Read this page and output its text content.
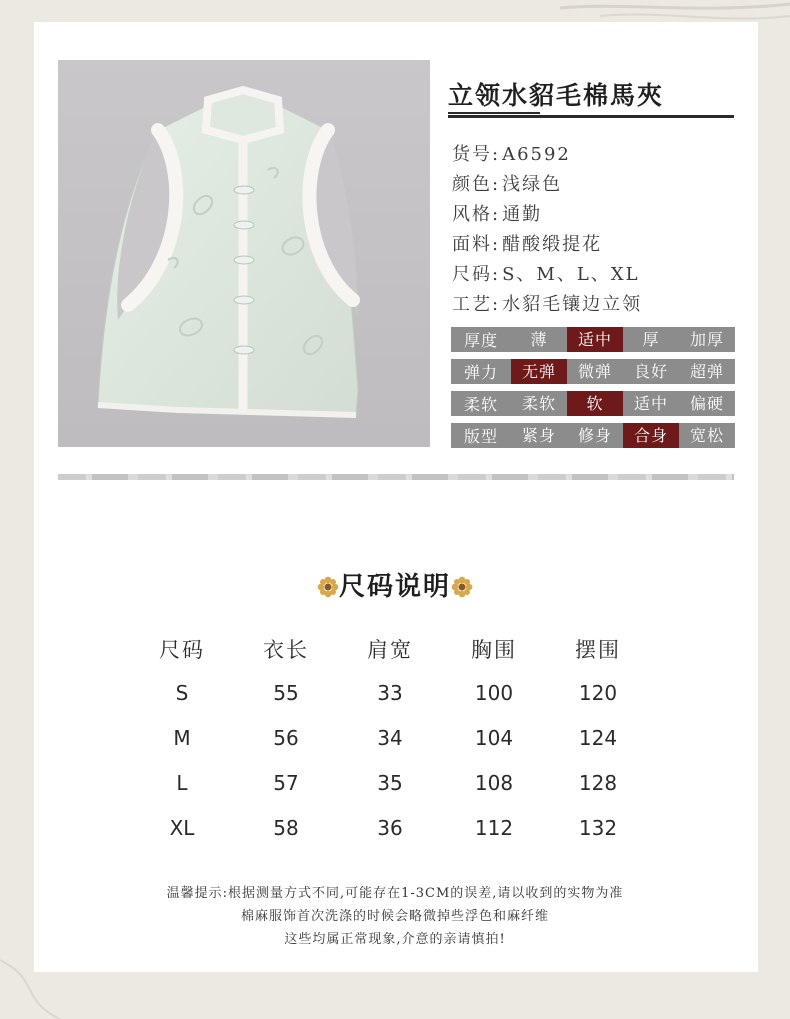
立领水貂毛棉馬夾
货号: A6592
颜色: 浅绿色
风格: 通勤
面料: 醋酸缎提花
尺码: S、M、L、XL
工艺: 水貂毛镶边立领
厚度	薄	适中	厚	加厚
弹力	无弹	微弹	良好	超弹
柔软	柔软	软	适中	偏硬
版型	紧身	修身	合身	宽松
尺码说明
尺码	衣长	肩宽	胸围	摆围
S	55	33	100	120
M	56	34	104	124
L	57	35	108	128
XL	58	36	112	132
温馨提示:根据测量方式不同,可能存在1-3CM的误差,请以收到的实物为准
棉麻服饰首次洗涤的时候会略微掉些浮色和麻纤维
这些均属正常现象,介意的亲请慎拍!
